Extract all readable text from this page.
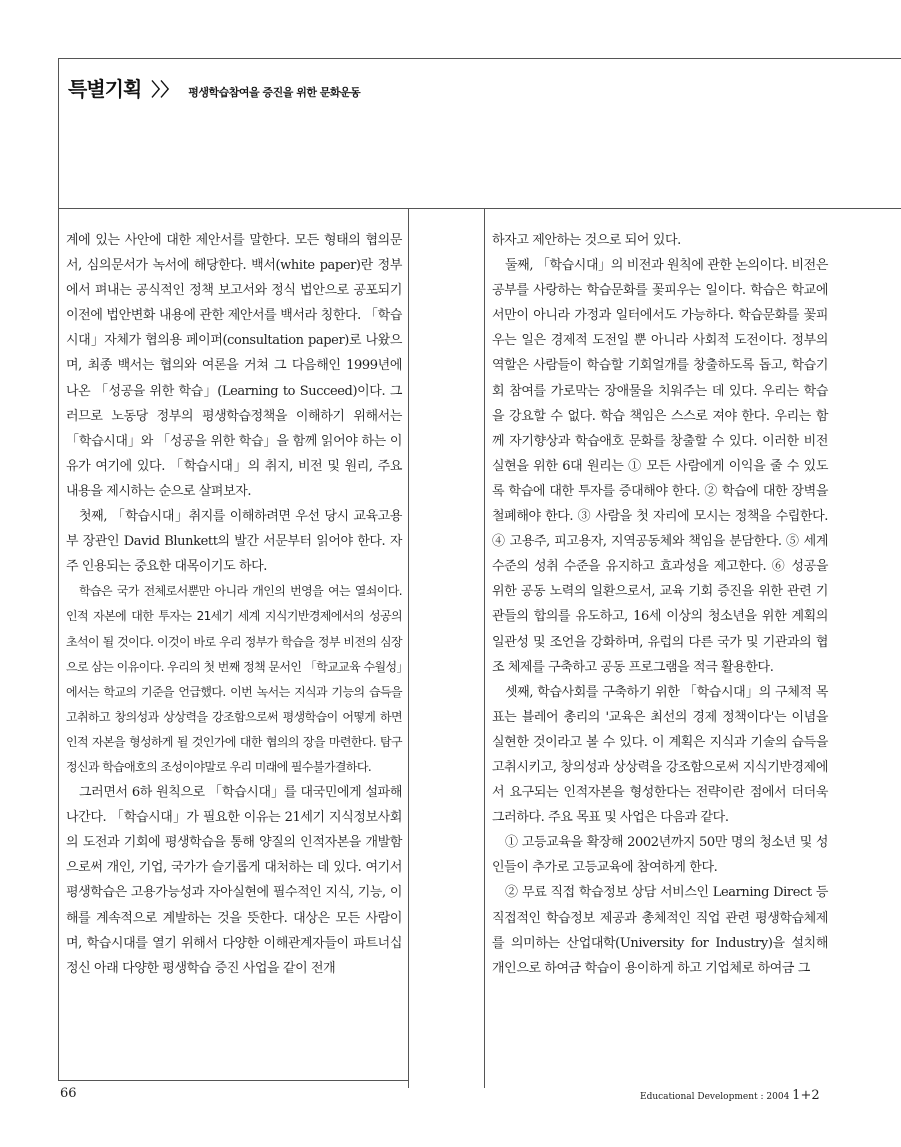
특별기획 〉〉 평생학습참여을 증진을 위한 문화운동

계에 있는 사안에 대한 제안서를 말한다. 모든 형태의 협의문서, 심의문서가 녹서에 해당한다. 백서(white paper)란 정부에서 펴내는 공식적인 정책 보고서와 정식 법안으로 공포되기 이전에 법안변화 내용에 관한 제안서를 백서라 칭한다. 「학습시대」자체가 협의용 페이퍼(consultation paper)로 나왔으며, 최종 백서는 협의와 여론을 거쳐 그 다음해인 1999년에 나온 「성공을 위한 학습」(Learning to Succeed)이다. 그러므로 노동당 정부의 평생학습정책을 이해하기 위해서는 「학습시대」와 「성공을 위한 학습」을 함께 읽어야 하는 이유가 여기에 있다. 「학습시대」의 취지, 비전 및 원리, 주요 내용을 제시하는 순으로 살펴보자.

첫째, 「학습시대」취지를 이해하려면 우선 당시 교육고용부 장관인 David Blunkett의 발간 서문부터 읽어야 한다. 자주 인용되는 중요한 대목이기도 하다.

학습은 국가 전체로서뿐만 아니라 개인의 번영을 여는 열쇠이다. 인적 자본에 대한 투자는 21세기 세계 지식기반경제에서의 성공의 초석이 될 것이다. 이것이 바로 우리 정부가 학습을 정부 비전의 심장으로 삼는 이유이다. 우리의 첫 번째 정책 문서인 「학교교육 수월성」에서는 학교의 기준을 언급했다. 이번 녹서는 지식과 기능의 습득을 고취하고 창의성과 상상력을 강조함으로써 평생학습이 어떻게 하면 인적 자본을 형성하게 될 것인가에 대한 협의의 장을 마련한다. 탐구정신과 학습애호의 조성이야말로 우리 미래에 필수불가결하다.

그러면서 6하 원칙으로 「학습시대」를 대국민에게 설파해 나간다. 「학습시대」가 필요한 이유는 21세기 지식정보사회의 도전과 기회에 평생학습을 통해 양질의 인적자본을 개발함으로써 개인, 기업, 국가가 슬기롭게 대처하는 데 있다. 여기서 평생학습은 고용가능성과 자아실현에 필수적인 지식, 기능, 이해를 계속적으로 계발하는 것을 뜻한다. 대상은 모든 사람이며, 학습시대를 열기 위해서 다양한 이해관계자들이 파트너십 정신 아래 다양한 평생학습 증진 사업을 같이 전개

하자고 제안하는 것으로 되어 있다.

둘째, 「학습시대」의 비전과 원칙에 관한 논의이다. 비전은 공부를 사랑하는 학습문화를 꽃피우는 일이다. 학습은 학교에서만이 아니라 가정과 일터에서도 가능하다. 학습문화를 꽃피우는 일은 경제적 도전일 뿐 아니라 사회적 도전이다. 정부의 역할은 사람들이 학습할 기회얼개를 창출하도록 돕고, 학습기회 참여를 가로막는 장애물을 치워주는 데 있다. 우리는 학습을 강요할 수 없다. 학습 책임은 스스로 져야 한다. 우리는 함께 자기향상과 학습애호 문화를 창출할 수 있다. 이러한 비전 실현을 위한 6대 원리는 ① 모든 사람에게 이익을 줄 수 있도록 학습에 대한 투자를 증대해야 한다. ② 학습에 대한 장벽을 철폐해야 한다. ③ 사람을 첫 자리에 모시는 정책을 수립한다. ④ 고용주, 피고용자, 지역공동체와 책임을 분담한다. ⑤ 세계 수준의 성취 수준을 유지하고 효과성을 제고한다. ⑥ 성공을 위한 공동 노력의 일환으로서, 교육 기회 증진을 위한 관련 기관들의 합의를 유도하고, 16세 이상의 청소년을 위한 계획의 일관성 및 조언을 강화하며, 유럽의 다른 국가 및 기관과의 협조 체제를 구축하고 공동 프로그램을 적극 활용한다.

셋째, 학습사회를 구축하기 위한 「학습시대」의 구체적 목표는 블레어 총리의 '교육은 최선의 경제 정책이다'는 이념을 실현한 것이라고 볼 수 있다. 이 계획은 지식과 기술의 습득을 고취시키고, 창의성과 상상력을 강조함으로써 지식기반경제에서 요구되는 인적자본을 형성한다는 전략이란 점에서 더더욱 그러하다. 주요 목표 및 사업은 다음과 같다.

① 고등교육을 확장해 2002년까지 50만 명의 청소년 및 성인들이 추가로 고등교육에 참여하게 한다.

② 무료 직접 학습정보 상담 서비스인 Learning Direct 등 직접적인 학습정보 제공과 총체적인 직업 관련 평생학습체제를 의미하는 산업대학(University for Industry)을 설치해 개인으로 하여금 학습이 용이하게 하고 기업체로 하여금 그

66	Educational Development : 2004 1+2
